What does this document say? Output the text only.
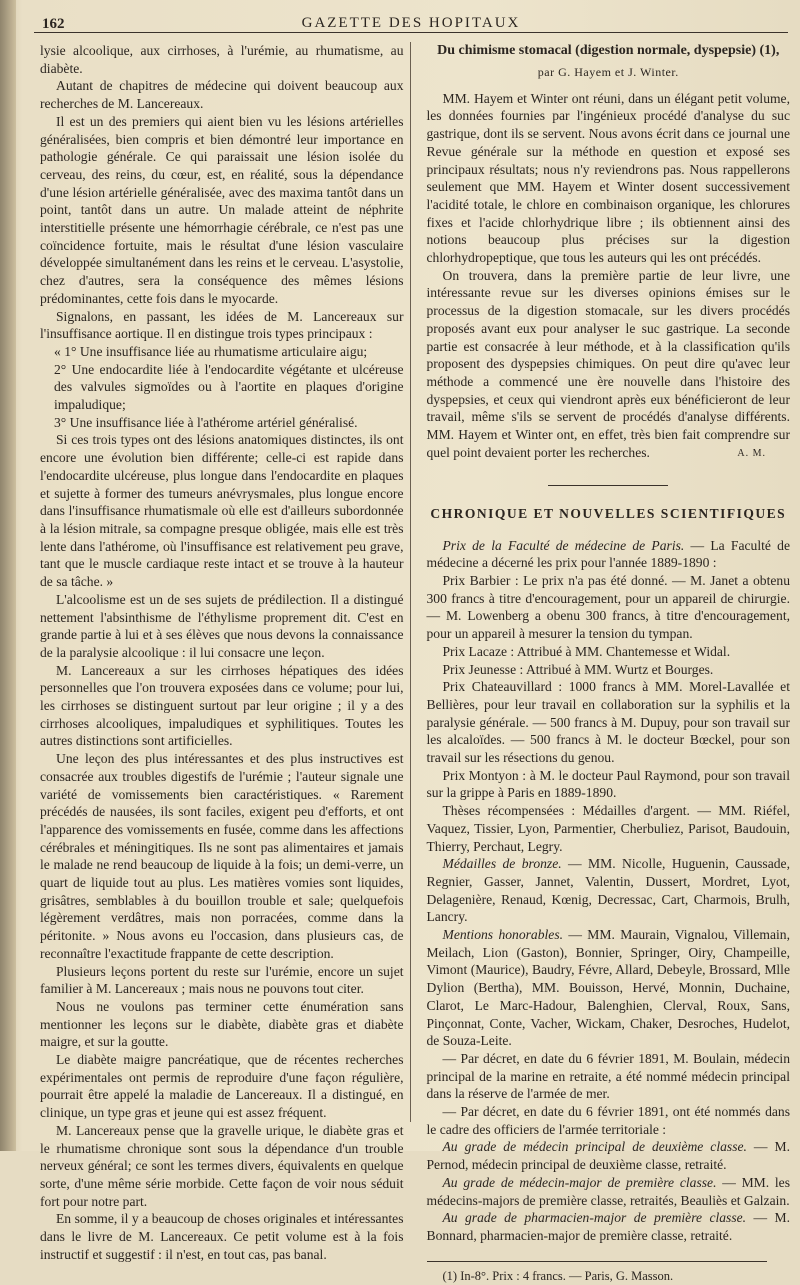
162	GAZETTE DES HOPITAUX

lysie alcoolique, aux cirrhoses, à l'urémie, au rhumatisme, au diabète.

Autant de chapitres de médecine qui doivent beaucoup aux recherches de M. Lancereaux.

Il est un des premiers qui aient bien vu les lésions artérielles généralisées, bien compris et bien démontré leur importance en pathologie générale. Ce qui paraissait une lésion isolée du cerveau, des reins, du cœur, est, en réalité, sous la dépendance d'une lésion artérielle généralisée, avec des maxima tantôt dans un point, tantôt dans un autre. Un malade atteint de néphrite interstitielle présente une hémorrhagie cérébrale, ce n'est pas une coïncidence fortuite, mais le résultat d'une lésion vasculaire développée simultanément dans les reins et le cerveau. L'asystolie, chez d'autres, sera la conséquence des mêmes lésions prédominantes, cette fois dans le myocarde.

Signalons, en passant, les idées de M. Lancereaux sur l'insuffisance aortique. Il en distingue trois types principaux :

« 1° Une insuffisance liée au rhumatisme articulaire aigu;

2° Une endocardite liée à l'endocardite végétante et ulcéreuse des valvules sigmoïdes ou à l'aortite en plaques d'origine impaludique;

3° Une insuffisance liée à l'athérome artériel généralisé.

Si ces trois types ont des lésions anatomiques distinctes, ils ont encore une évolution bien différente; celle-ci est rapide dans l'endocardite ulcéreuse, plus longue dans l'endocardite en plaques et sujette à former des tumeurs anévrysmales, plus longue encore dans l'insuffisance rhumatismale où elle est d'ailleurs subordonnée à la lésion mitrale, sa compagne presque obligée, mais elle est très lente dans l'athérome, où l'insuffisance est relativement peu grave, tant que le muscle cardiaque reste intact et se trouve à la hauteur de sa tâche. »

L'alcoolisme est un de ses sujets de prédilection. Il a distingué nettement l'absinthisme de l'éthylisme proprement dit. C'est en grande partie à lui et à ses élèves que nous devons la connaissance de la paralysie alcoolique : il lui consacre une leçon.

M. Lancereaux a sur les cirrhoses hépatiques des idées personnelles que l'on trouvera exposées dans ce volume; pour lui, les cirrhoses se distinguent surtout par leur origine ; il y a des cirrhoses alcooliques, impaludiques et syphilitiques. Toutes les autres distinctions sont artificielles.

Une leçon des plus intéressantes et des plus instructives est consacrée aux troubles digestifs de l'urémie ; l'auteur signale une variété de vomissements bien caractéristiques. « Rarement précédés de nausées, ils sont faciles, exigent peu d'efforts, et ont l'apparence des vomissements en fusée, comme dans les affections cérébrales et méningitiques. Ils ne sont pas alimentaires et jamais le malade ne rend beaucoup de liquide à la fois; un demi-verre, un quart de liquide tout au plus. Les matières vomies sont liquides, grisâtres, semblables à du bouillon trouble et sale; quelquefois légèrement verdâtres, mais non porracées, comme dans la péritonite. » Nous avons eu l'occasion, dans plusieurs cas, de reconnaître l'exactitude frappante de cette description.

Plusieurs leçons portent du reste sur l'urémie, encore un sujet familier à M. Lancereaux ; mais nous ne pouvons tout citer.

Nous ne voulons pas terminer cette énumération sans mentionner les leçons sur le diabète, diabète gras et diabète maigre, et sur la goutte.

Le diabète maigre pancréatique, que de récentes recherches expérimentales ont permis de reproduire d'une façon régulière, pourrait être appelé la maladie de Lancereaux. Il a distingué, en clinique, un type gras et jeune qui est assez fréquent.

M. Lancereaux pense que la gravelle urique, le diabète gras et le rhumatisme chronique sont sous la dépendance d'un trouble nerveux général; ce sont les termes divers, équivalents en quelque sorte, d'une même série morbide. Cette façon de voir nous séduit fort pour notre part.

En somme, il y a beaucoup de choses originales et intéressantes dans le livre de M. Lancereaux. Ce petit volume est à la fois instructif et suggestif : il n'est, en tout cas, pas banal.

Du chimisme stomacal (digestion normale, dyspepsie) (1),
par G. Hayem et J. Winter.

MM. Hayem et Winter ont réuni, dans un élégant petit volume, les données fournies par l'ingénieux procédé d'analyse du suc gastrique, dont ils se servent. Nous avons écrit dans ce journal une Revue générale sur la méthode en question et exposé ses principaux résultats; nous n'y reviendrons pas. Nous rappellerons seulement que MM. Hayem et Winter dosent successivement l'acidité totale, le chlore en combinaison organique, les chlorures fixes et l'acide chlorhydrique libre ; ils obtiennent ainsi des notions beaucoup plus précises sur la digestion chlorhydropeptique, que tous les auteurs qui les ont précédés.

On trouvera, dans la première partie de leur livre, une intéressante revue sur les diverses opinions émises sur le processus de la digestion stomacale, sur les divers procédés proposés avant eux pour analyser le suc gastrique. La seconde partie est consacrée à leur méthode, et à la classification qu'ils proposent des dyspepsies chimiques. On peut dire qu'avec leur méthode a commencé une ère nouvelle dans l'histoire des dyspepsies, et ceux qui viendront après eux bénéficieront de leur travail, même s'ils se servent de procédés d'analyse différents. MM. Hayem et Winter ont, en effet, très bien fait comprendre sur quel point devaient porter les recherches.	A. M.
CHRONIQUE ET NOUVELLES SCIENTIFIQUES

Prix de la Faculté de médecine de Paris. — La Faculté de médecine a décerné les prix pour l'année 1889-1890 :

Prix Barbier : Le prix n'a pas été donné. — M. Janet a obtenu 300 francs à titre d'encouragement, pour un appareil de chirurgie. — M. Lowenberg a obenu 300 francs, à titre d'encouragement, pour un appareil à mesurer la tension du tympan.

Prix Lacaze : Attribué à MM. Chantemesse et Widal.

Prix Jeunesse : Attribué à MM. Wurtz et Bourges.

Prix Chateauvillard : 1000 francs à MM. Morel-Lavallée et Bellières, pour leur travail en collaboration sur la syphilis et la paralysie générale. — 500 francs à M. Dupuy, pour son travail sur les alcaloïdes. — 500 francs à M. le docteur Bœckel, pour son travail sur les résections du genou.

Prix Montyon : à M. le docteur Paul Raymond, pour son travail sur la grippe à Paris en 1889-1890.

Thèses récompensées : Médailles d'argent. — MM. Riéfel, Vaquez, Tissier, Lyon, Parmentier, Cherbuliez, Parisot, Baudouin, Thierry, Perchaut, Legry.

Médailles de bronze. — MM. Nicolle, Huguenin, Caussade, Regnier, Gasser, Jannet, Valentin, Dussert, Mordret, Lyot, Delagenière, Renaud, Kœnig, Decressac, Cart, Charmois, Brulh, Lancry.

Mentions honorables. — MM. Maurain, Vignalou, Villemain, Meilach, Lion (Gaston), Bonnier, Springer, Oiry, Champeille, Vimont (Maurice), Baudry, Févre, Allard, Debeyle, Brossard, Mlle Dylion (Bertha), MM. Bouisson, Hervé, Monnin, Duchaine, Clarot, Le Marc-Hadour, Balenghien, Clerval, Roux, Sans, Pinçonnat, Conte, Vacher, Wickam, Chaker, Desroches, Hudelot, de Souza-Leite.

— Par décret, en date du 6 février 1891, M. Boulain, médecin principal de la marine en retraite, a été nommé médecin principal dans la réserve de l'armée de mer.

— Par décret, en date du 6 février 1891, ont été nommés dans le cadre des officiers de l'armée territoriale :

Au grade de médecin principal de deuxième classe. — M. Pernod, médecin principal de deuxième classe, retraité.

Au grade de médecin-major de première classe. — MM. les médecins-majors de première classe, retraités, Beauliès et Galzain.

Au grade de pharmacien-major de première classe. — M. Bonnard, pharmacien-major de première classe, retraité.

(1) In-8°. Prix : 4 francs. — Paris, G. Masson.
